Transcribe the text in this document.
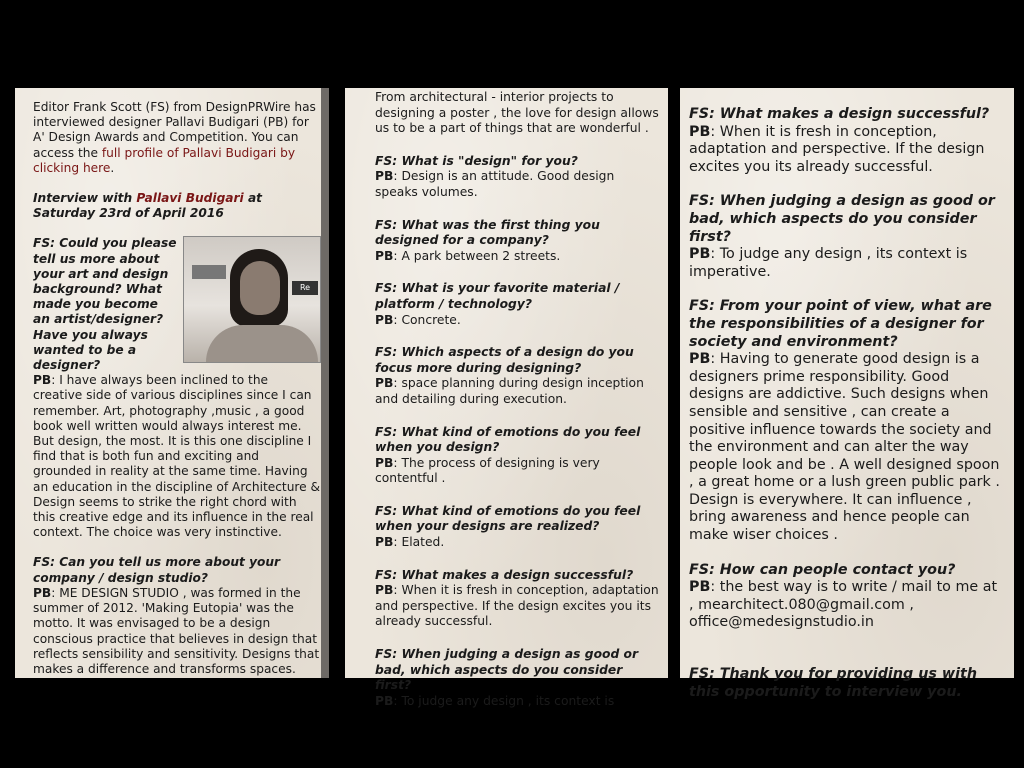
Editor Frank Scott (FS) from DesignPRWire has interviewed designer Pallavi Budigari (PB) for A' Design Awards and Competition. You can access the full profile of Pallavi Budigari by clicking here.

Interview with Pallavi Budigari at Saturday 23rd of April 2016

Re

FS: Could you please tell us more about your art and design background? What made you become an artist/designer? Have you always wanted to be a designer?

PB: I have always been inclined to the creative side of various disciplines since I can remember. Art, photography ,music , a good book well written would always interest me. But design, the most. It is this one discipline I find that is both fun and exciting and grounded in reality at the same time. Having an education in the discipline of Architecture & Design seems to strike the right chord with this creative edge and its influence in the real context. The choice was very instinctive.

FS: Can you tell us more about your company / design studio?

PB: ME DESIGN STUDIO , was formed in the summer of 2012. 'Making Eutopia' was the motto. It was envisaged to be a design conscious practice that believes in design that reflects sensibility and sensitivity. Designs that makes a difference and transforms spaces.

From architectural - interior projects to designing a poster , the love for design allows us to be a part of things that are wonderful .

FS: What is "design" for you?

PB: Design is an attitude. Good design speaks volumes.

FS: What was the first thing you designed for a company?

PB: A park between 2 streets.

FS: What is your favorite material / platform / technology?

PB: Concrete.

FS: Which aspects of a design do you focus more during designing?

PB: space planning during design inception and detailing during execution.

FS: What kind of emotions do you feel when you design?

PB: The process of designing is very contentful .

FS: What kind of emotions do you feel when your designs are realized?

PB: Elated.

FS: What makes a design successful?

PB: When it is fresh in conception, adaptation and perspective. If the design excites you its already successful.

FS: When judging a design as good or bad, which aspects do you consider first?

PB: To judge any design , its context is

FS: What makes a design successful?

PB: When it is fresh in conception, adaptation and perspective. If the design excites you its already successful.

FS: When judging a design as good or bad, which aspects do you consider first?

PB: To judge any design , its context is imperative.

FS: From your point of view, what are the responsibilities of a designer for society and environment?

PB: Having to generate good design is a designers prime responsibility. Good designs are addictive. Such designs when sensible and sensitive , can create a positive influence towards the society and the environment and can alter the way people look and be . A well designed spoon , a great home or a lush green public park . Design is everywhere. It can influence , bring awareness and hence people can make wiser choices .

FS: How can people contact you?

PB: the best way is to write / mail to me at , mearchitect.080@gmail.com , office@medesignstudio.in

FS: Thank you for providing us with this opportunity to interview you.
